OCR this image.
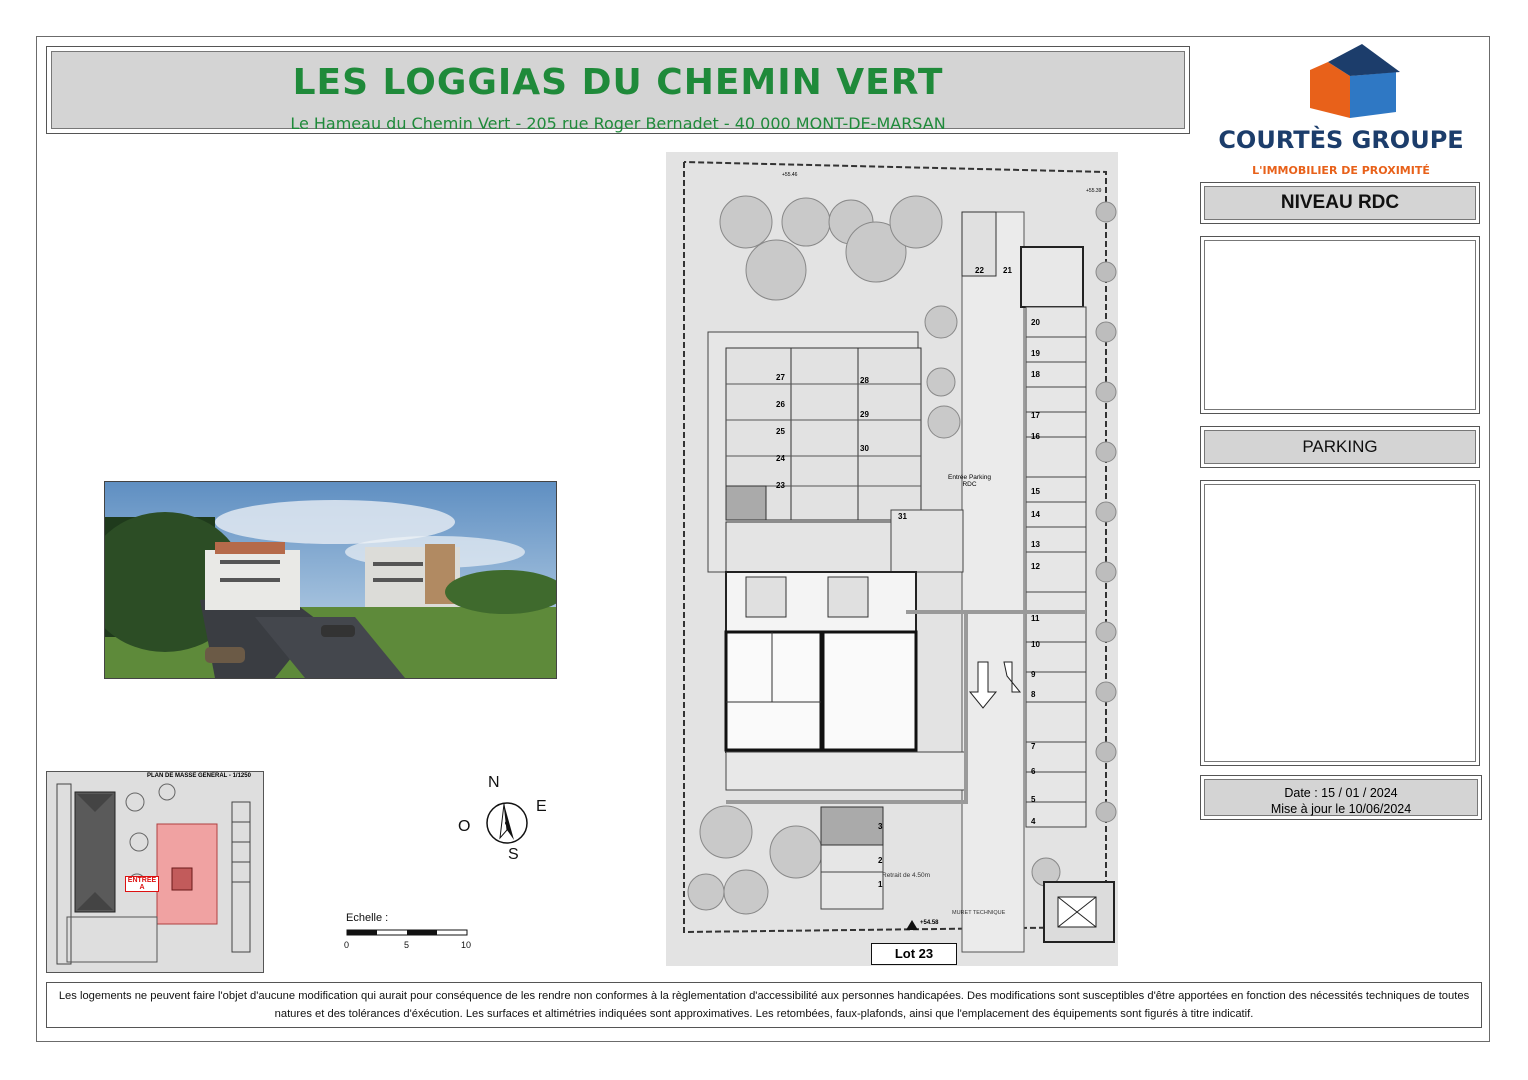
LES LOGGIAS DU CHEMIN VERT
Le Hameau du Chemin Vert - 205 rue Roger Bernadet - 40 000 MONT-DE-MARSAN
COURTÈS GROUPE
L'IMMOBILIER DE PROXIMITÉ
NIVEAU RDC
PARKING
Date : 15 / 01 / 2024
Mise à jour le 10/06/2024
PLAN DE MASSE GENERAL - 1/1250
ENTREE
A
N
E
O
S
Echelle :
0	5	10
27
26
25
24
23
28
29
30
31
20
19
18
17
16
15
14
13
12
11
10
9
8
7
6
5
4
3
2
1
22 21
Entrée Parking
RDC
Retrait de 4.50m
MURET TECHNIQUE
+55.46
+55.39
+54.58
Lot 23
Les logements ne peuvent faire l'objet d'aucune modification qui aurait pour conséquence de les rendre non conformes à la règlementation d'accessibilité aux personnes handicapées. Des modifications sont susceptibles d'être apportées en fonction des nécessités techniques de toutes natures et des tolérances d'éxécution. Les surfaces et altimétries indiquées sont approximatives. Les retombées, faux-plafonds, ainsi que l'emplacement des équipements sont figurés à titre indicatif.
